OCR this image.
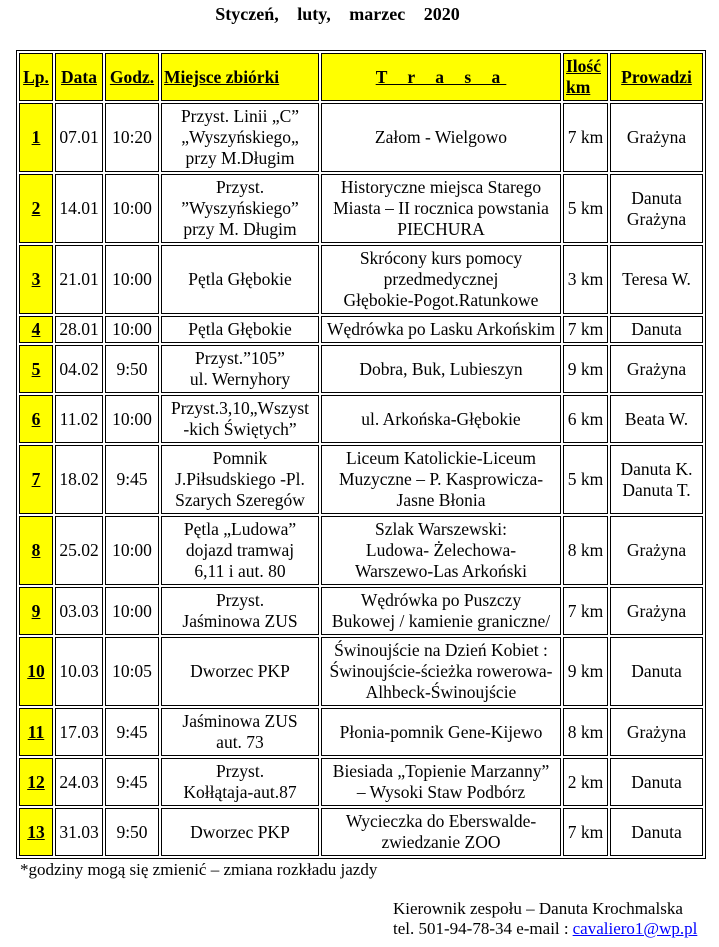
Styczeń, luty, marzec 2020
Lp.	Data	Godz.	Miejsce zbiórki	T r a s a	Ilość
km	Prowadzi

1	07.01	10:20	Przyst. Linii „C”
„Wyszyńskiego„
przy M.Długim	Załom - Wielgowo	7 km	Grażyna

2	14.01	10:00	Przyst.
”Wyszyńskiego”
przy M. Długim	Historyczne miejsca Starego
Miasta – II rocznica powstania
PIECHURA	5 km	Danuta
Grażyna

3	21.01	10:00	Pętla Głębokie	Skrócony kurs pomocy
przedmedycznej
Głębokie-Pogot.Ratunkowe	3 km	Teresa W.

4	28.01	10:00	Pętla Głębokie	Wędrówka po Lasku Arkońskim	7 km	Danuta

5	04.02	9:50	Przyst.”105”
ul. Wernyhory	Dobra, Buk, Lubieszyn	9 km	Grażyna

6	11.02	10:00	Przyst.3,10„Wszyst
-kich Świętych”	ul. Arkońska-Głębokie	6 km	Beata W.

7	18.02	9:45	Pomnik
J.Piłsudskiego -Pl.
Szarych Szeregów	Liceum Katolickie-Liceum
Muzyczne – P. Kasprowicza-
Jasne Błonia	5 km	Danuta K.
Danuta T.

8	25.02	10:00	Pętla „Ludowa”
dojazd tramwaj
6,11 i aut. 80	Szlak Warszewski:
Ludowa- Żelechowa-
Warszewo-Las Arkoński	8 km	Grażyna

9	03.03	10:00	Przyst.
Jaśminowa ZUS	Wędrówka po Puszczy
Bukowej / kamienie graniczne/	7 km	Grażyna

10	10.03	10:05	Dworzec PKP	Świnoujście na Dzień Kobiet :
Świnoujście-ścieżka rowerowa-
Alhbeck-Świnoujście	9 km	Danuta

11	17.03	9:45	Jaśminowa ZUS
aut. 73	Płonia-pomnik Gene-Kijewo	8 km	Grażyna

12	24.03	9:45	Przyst.
Kołłątaja-aut.87	Biesiada „Topienie Marzanny”
– Wysoki Staw Podbórz	2 km	Danuta

13	31.03	9:50	Dworzec PKP	Wycieczka do Eberswalde-
zwiedzanie ZOO	7 km	Danuta
*godziny mogą się zmienić – zmiana rozkładu jazdy
Kierownik zespołu – Danuta Krochmalska
tel. 501-94-78-34 e-mail : cavaliero1@wp.pl
